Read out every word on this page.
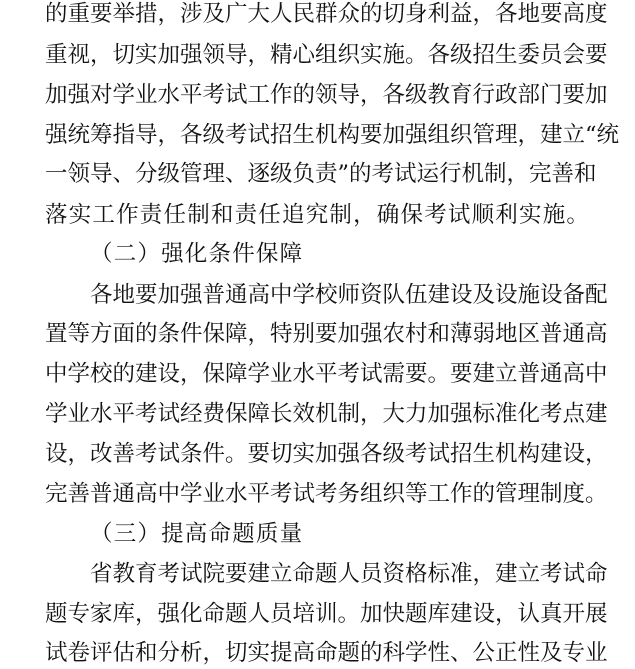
的重要举措，涉及广大人民群众的切身利益，各地要高度
重视，切实加强领导，精心组织实施。各级招生委员会要
加强对学业水平考试工作的领导，各级教育行政部门要加
强统筹指导，各级考试招生机构要加强组织管理，建立“统
一领导、分级管理、逐级负责”的考试运行机制，完善和
落实工作责任制和责任追究制，确保考试顺利实施。
（二）强化条件保障
各地要加强普通高中学校师资队伍建设及设施设备配
置等方面的条件保障，特别要加强农村和薄弱地区普通高
中学校的建设，保障学业水平考试需要。要建立普通高中
学业水平考试经费保障长效机制，大力加强标准化考点建
设，改善考试条件。要切实加强各级考试招生机构建设，
完善普通高中学业水平考试考务组织等工作的管理制度。
（三）提高命题质量
省教育考试院要建立命题人员资格标准，建立考试命
题专家库，强化命题人员培训。加快题库建设，认真开展
试卷评估和分析，切实提高命题的科学性、公正性及专业
